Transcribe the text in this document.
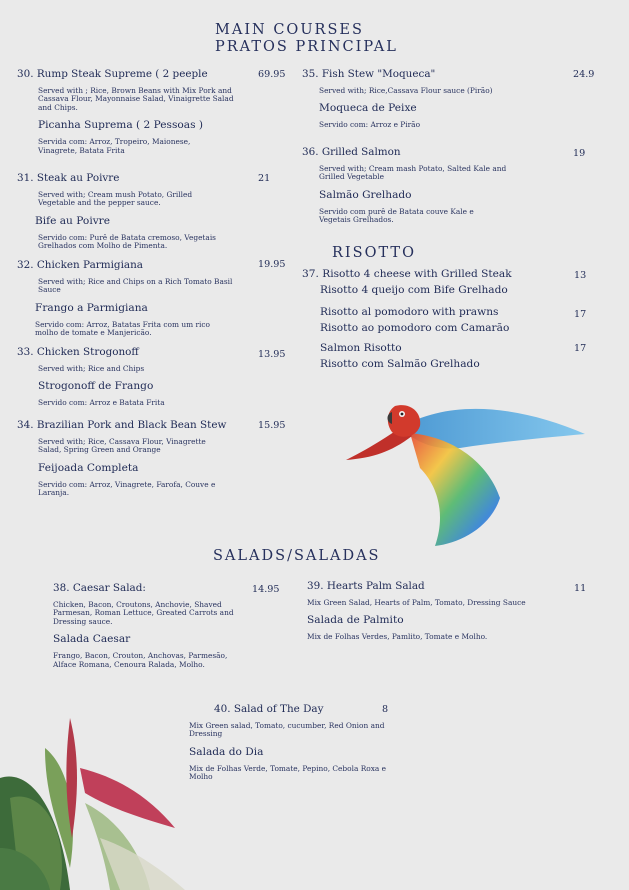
MAIN COURSES
PRATOS PRINCIPAL
30. Rump Steak Supreme ( 2 peeple
Served with ; Rice, Brown Beans with Mix Pork and Cassava Flour, Mayonnaise Salad, Vinaigrette Salad and Chips.
Picanha Suprema ( 2 Pessoas )
Servida com: Arroz, Tropeiro, Maionese, Vinagrete, Batata Frita
69.95
31. Steak au Poivre
Served with; Cream mush Potato, Grilled Vegetable and the pepper sauce.
Bife au Poivre
Servido com: Purê de Batata cremoso, Vegetais Grelhados com Molho de Pimenta.
21
32. Chicken Parmigiana
Served with; Rice and Chips on a Rich Tomato Basil Sauce
Frango a Parmigiana
Servido com: Arroz, Batatas Frita com um rico molho de tomate e Manjericão.
19.95
33. Chicken Strogonoff
Served with; Rice and Chips
Strogonoff de Frango
Servido com: Arroz e Batata Frita
13.95
34. Brazilian Pork and Black Bean Stew
Served with; Rice, Cassava Flour, Vinagrette Salad, Spring Green and Orange
Feijoada Completa
Servido com: Arroz, Vinagrete, Farofa, Couve e Laranja.
15.95
35. Fish Stew "Moqueca"
Served with; Rice,Cassava Flour sauce (Pirão)
Moqueca de Peixe
Servido com: Arroz e Pirão
24.9
36. Grilled Salmon
Served with; Cream mash Potato, Salted Kale and Grilled Vegetable
Salmão Grelhado
Servido com purê de Batata couve Kale e Vegetais Grelhados.
19
RISOTTO
37. Risotto 4 cheese with Grilled Steak
Risotto 4 queijo com Bife Grelhado
13
Risotto al pomodoro with prawns
Risotto ao pomodoro com Camarão
17
Salmon Risotto
Risotto com Salmão Grelhado
17
SALADS/SALADAS
38. Caesar Salad:
Chicken, Bacon, Croutons, Anchovie, Shaved Parmesan, Roman Lettuce, Greated Carrots and Dressing sauce.
Salada Caesar
Frango, Bacon, Crouton, Anchovas, Parmesão, Alface Romana, Cenoura Ralada, Molho.
14.95	39. Hearts Palm Salad
Mix Green Salad, Hearts of Palm, Tomato, Dressing Sauce
Salada de Palmito
Mix de Folhas Verdes, Pamlito, Tomate e Molho.
11
40. Salad of The Day
Mix Green salad, Tomato, cucumber, Red Onion and Dressing
Salada do Dia
Mix de Folhas Verde, Tomate, Pepino, Cebola Roxa e Molho
8
